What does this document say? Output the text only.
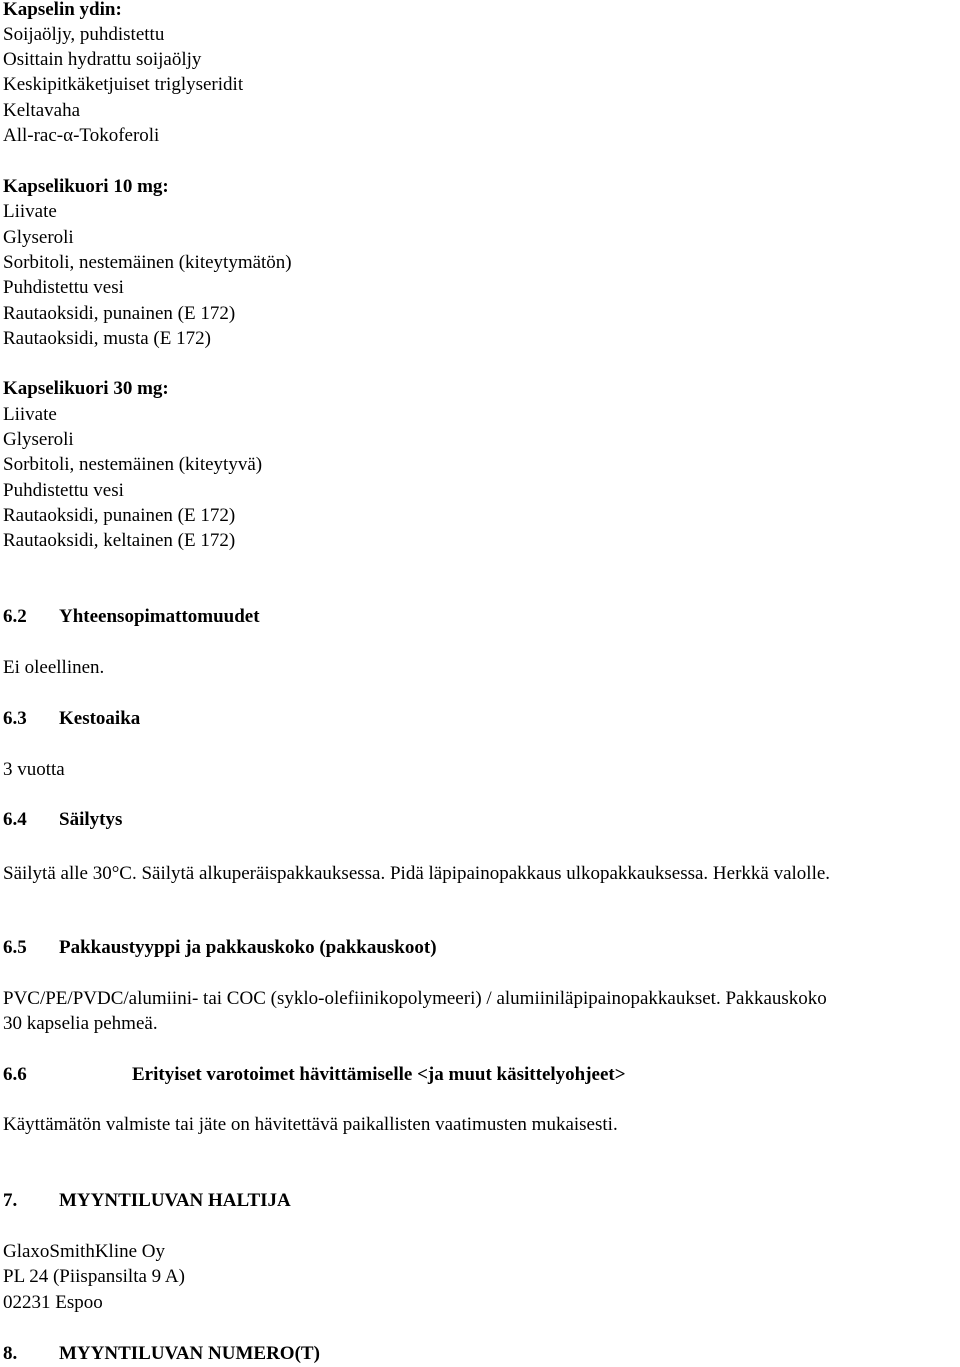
Kapselin ydin:
Soijaöljy, puhdistettu
Osittain hydrattu soijaöljy
Keskipitkäketjuiset triglyseridit
Keltavaha
All-rac-α-Tokoferoli
Kapselikuori 10 mg:
Liivate
Glyseroli
Sorbitoli, nestemäinen (kiteytymätön)
Puhdistettu vesi
Rautaoksidi, punainen (E 172)
Rautaoksidi, musta (E 172)
Kapselikuori 30 mg:
Liivate
Glyseroli
Sorbitoli, nestemäinen (kiteytyvä)
Puhdistettu vesi
Rautaoksidi, punainen (E 172)
Rautaoksidi, keltainen (E 172)
6.2 Yhteensopimattomuudet
Ei oleellinen.
6.3 Kestoaika
3 vuotta
6.4 Säilytys
Säilytä alle 30°C. Säilytä alkuperäispakkauksessa. Pidä läpipainopakkaus ulkopakkauksessa. Herkkä valolle.
6.5 Pakkaustyyppi ja pakkauskoko (pakkauskoot)
PVC/PE/PVDC/alumiini- tai COC (syklo-olefiinikopolymeeri) / alumiiniläpipainopakkaukset. Pakkauskoko
30 kapselia pehmeä.
6.6	Erityiset varotoimet hävittämiselle <ja muut käsittelyohjeet>
Käyttämätön valmiste tai jäte on hävitettävä paikallisten vaatimusten mukaisesti.
7. MYYNTILUVAN HALTIJA
GlaxoSmithKline Oy
PL 24 (Piispansilta 9 A)
02231 Espoo
8. MYYNTILUVAN NUMERO(T)
